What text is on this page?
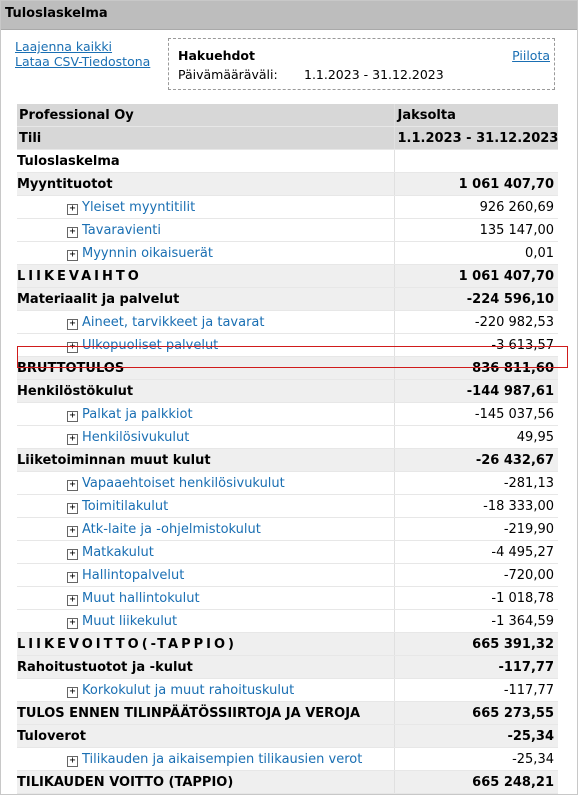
Tuloslaskelma
Laajenna kaikki
Lataa CSV-Tiedostona Hakuehdot	Piilota
Päivämääräväli: 1.1.2023 - 31.12.2023
Professional Oy	Jaksolta
Tili	1.1.2023 - 31.12.2023
Tuloslaskelma	
Myyntituotot	1 061 407,70
+ Yleiset myyntitilit	926 260,69
+ Tavaravienti	135 147,00
+ Myynnin oikaisuerät	0,01
LIIKEVAIHTO	1 061 407,70
Materiaalit ja palvelut	-224 596,10
+ Aineet, tarvikkeet ja tavarat	-220 982,53
+ Ulkopuoliset palvelut	-3 613,57
BRUTTOTULOS	836 811,60
Henkilöstökulut	-144 987,61
+ Palkat ja palkkiot	-145 037,56
+ Henkilösivukulut	49,95
Liiketoiminnan muut kulut	-26 432,67
+ Vapaaehtoiset henkilösivukulut	-281,13
+ Toimitilakulut	-18 333,00
+ Atk-laite ja -ohjelmistokulut	-219,90
+ Matkakulut	-4 495,27
+ Hallintopalvelut	-720,00
+ Muut hallintokulut	-1 018,78
+ Muut liikekulut	-1 364,59
LIIKEVOITTO(-TAPPIO)	665 391,32
Rahoitustuotot ja -kulut	-117,77
+ Korkokulut ja muut rahoituskulut	-117,77
TULOS ENNEN TILINPÄÄTÖSSIIRTOJA JA VEROJA	665 273,55
Tuloverot	-25,34
+ Tilikauden ja aikaisempien tilikausien verot	-25,34
TILIKAUDEN VOITTO (TAPPIO)	665 248,21
